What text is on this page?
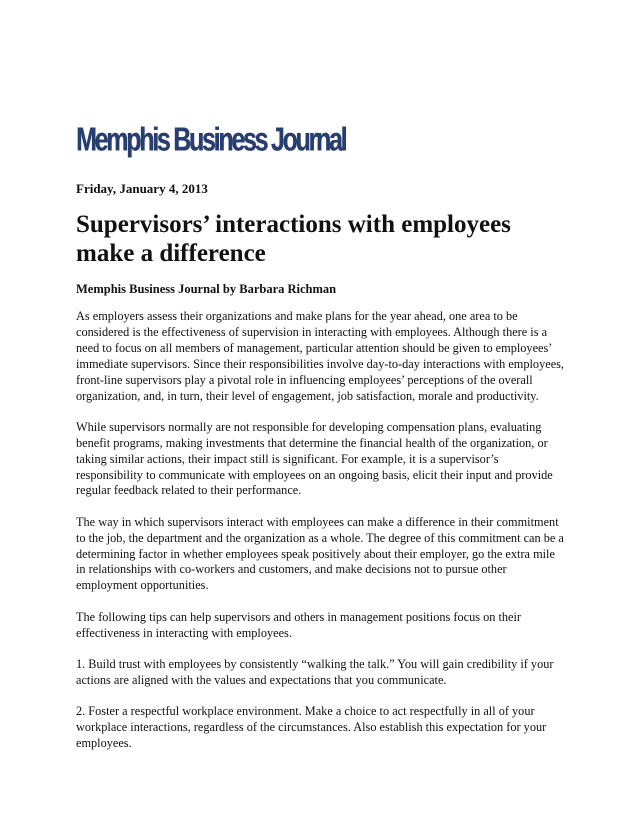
Memphis Business Journal
Friday, January 4, 2013
Supervisors’ interactions with employees make a difference
Memphis Business Journal by Barbara Richman

As employers assess their organizations and make plans for the year ahead, one area to be considered is the effectiveness of supervision in interacting with employees. Although there is a need to focus on all members of management, particular attention should be given to employees’ immediate supervisors. Since their responsibilities involve day-to-day interactions with employees, front-line supervisors play a pivotal role in influencing employees’ perceptions of the overall organization, and, in turn, their level of engagement, job satisfaction, morale and productivity.

While supervisors normally are not responsible for developing compensation plans, evaluating benefit programs, making investments that determine the financial health of the organization, or taking similar actions, their impact still is significant. For example, it is a supervisor’s responsibility to communicate with employees on an ongoing basis, elicit their input and provide regular feedback related to their performance.

The way in which supervisors interact with employees can make a difference in their commitment to the job, the department and the organization as a whole. The degree of this commitment can be a determining factor in whether employees speak positively about their employer, go the extra mile in relationships with co-workers and customers, and make decisions not to pursue other employment opportunities.

The following tips can help supervisors and others in management positions focus on their effectiveness in interacting with employees.

1. Build trust with employees by consistently “walking the talk.” You will gain credibility if your actions are aligned with the values and expectations that you communicate.

2. Foster a respectful workplace environment. Make a choice to act respectfully in all of your workplace interactions, regardless of the circumstances. Also establish this expectation for your employees.
